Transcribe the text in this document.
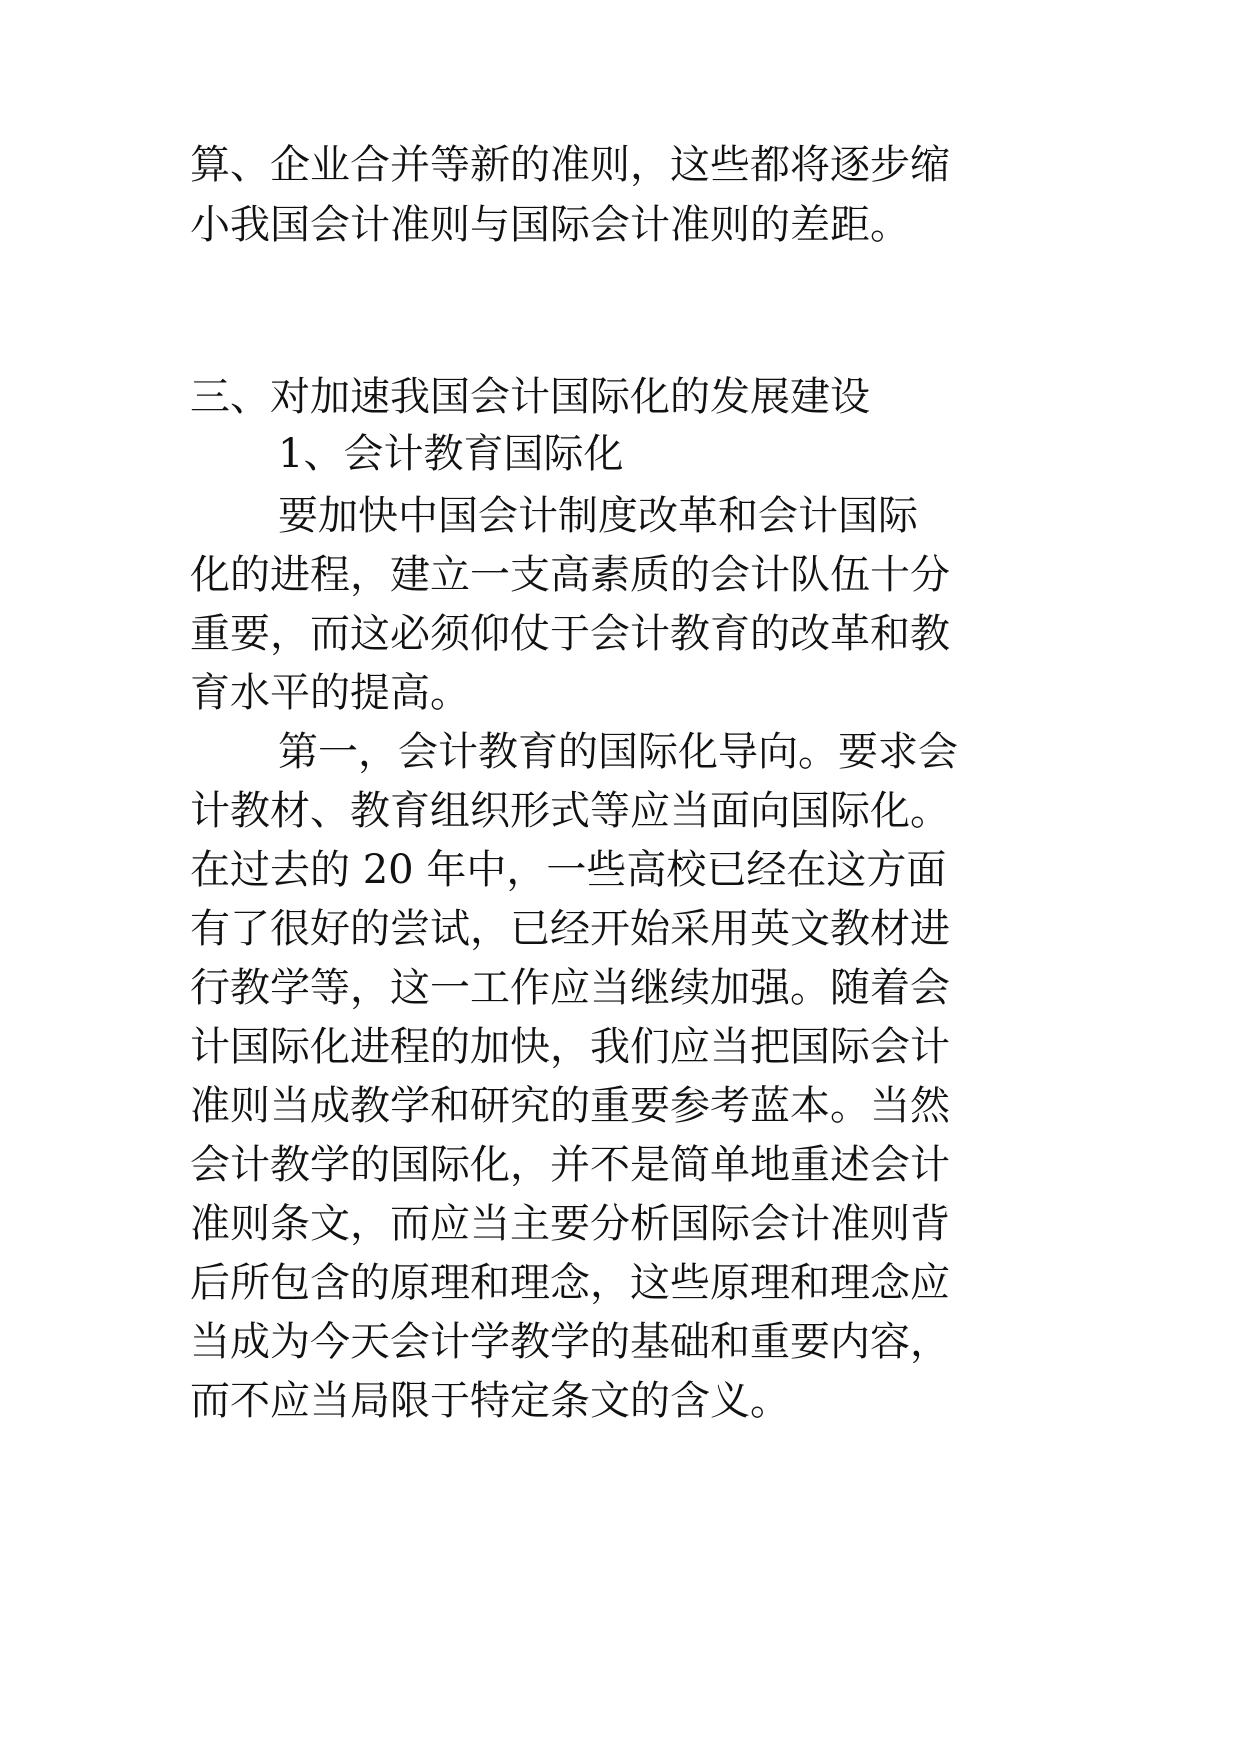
算、企业合并等新的准则，这些都将逐步缩

小我国会计准则与国际会计准则的差距。

三、对加速我国会计国际化的发展建设

1、会计教育国际化

要加快中国会计制度改革和会计国际

化的进程，建立一支高素质的会计队伍十分

重要，而这必须仰仗于会计教育的改革和教

育水平的提高。

第一，会计教育的国际化导向。要求会

计教材、教育组织形式等应当面向国际化。

在过去的 20 年中，一些高校已经在这方面

有了很好的尝试，已经开始采用英文教材进

行教学等，这一工作应当继续加强。随着会

计国际化进程的加快，我们应当把国际会计

准则当成教学和研究的重要参考蓝本。当然

会计教学的国际化，并不是简单地重述会计

准则条文，而应当主要分析国际会计准则背

后所包含的原理和理念，这些原理和理念应

当成为今天会计学教学的基础和重要内容，

而不应当局限于特定条文的含义。
